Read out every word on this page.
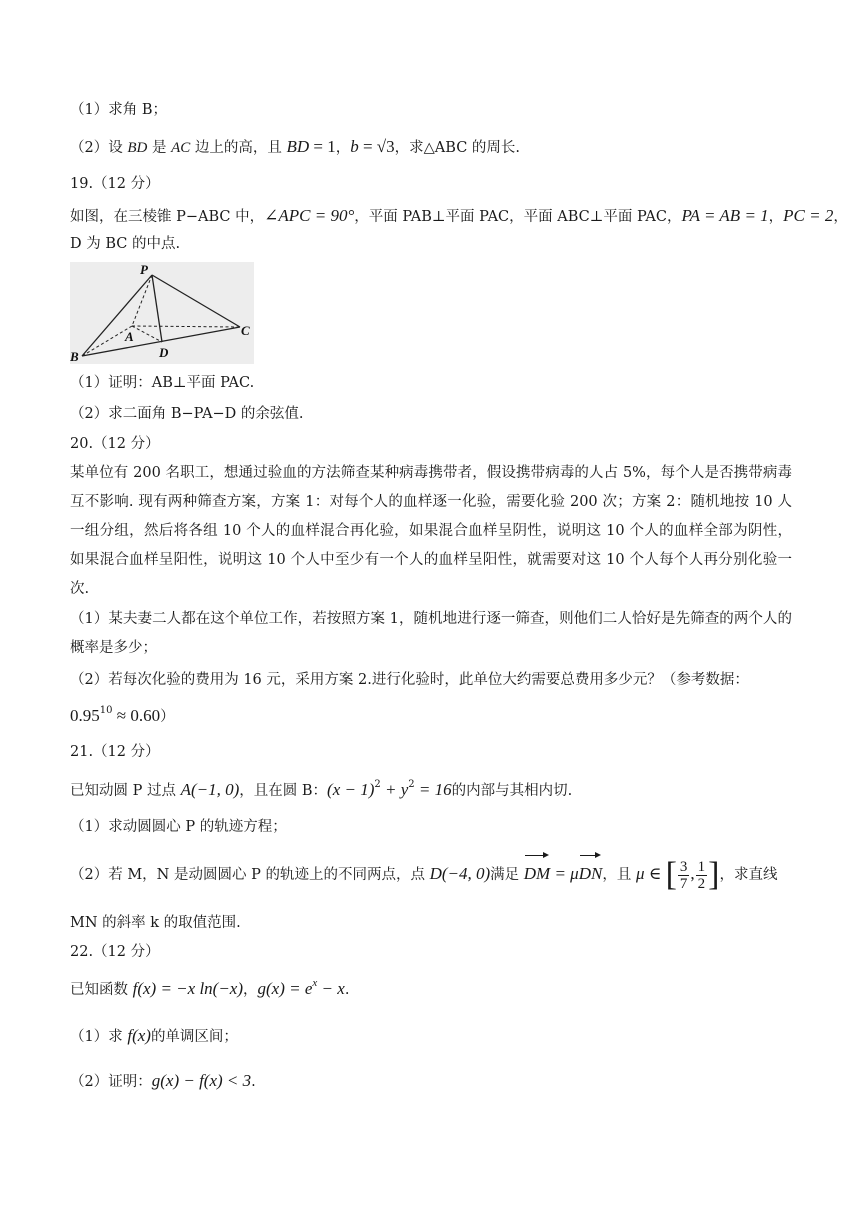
（1）求角 B；
（2）设 BD 是 AC 边上的高，且 BD = 1，b = √3，求△ABC 的周长.
19.（12 分）
如图，在三棱锥 P−ABC 中，∠APC = 90°，平面 PAB⊥平面 PAC，平面 ABC⊥平面 PAC，PA = AB = 1，PC = 2，
D 为 BC 的中点.
P
A
B
C
D
（1）证明：AB⊥平面 PAC.
（2）求二面角 B−PA−D 的余弦值.
20.（12 分）
某单位有 200 名职工，想通过验血的方法筛查某种病毒携带者，假设携带病毒的人占 5%，每个人是否携带病毒互不影响. 现有两种筛查方案，方案 1：对每个人的血样逐一化验，需要化验 200 次；方案 2：随机地按 10 人一组分组，然后将各组 10 个人的血样混合再化验，如果混合血样呈阴性，说明这 10 个人的血样全部为阴性，如果混合血样呈阳性，说明这 10 个人中至少有一个人的血样呈阳性，就需要对这 10 个人每个人再分别化验一次.
（1）某夫妻二人都在这个单位工作，若按照方案 1，随机地进行逐一筛查，则他们二人恰好是先筛查的两个人的概率是多少；
（2）若每次化验的费用为 16 元，采用方案 2.进行化验时，此单位大约需要总费用多少元？（参考数据：
$0.95^{10} \approx 0.60$）
21.（12 分）
已知动圆 P 过点 A(−1, 0)，且在圆 B：$(x - 1)^2 + y^2 = 16$的内部与其相内切.
（1）求动圆圆心 P 的轨迹方程；
（2）若 M，N 是动圆圆心 P 的轨迹上的不同两点，点 D(−4, 0)满足 DM = μDN，且 μ ∈ [ $\frac{3}{7}$ , $\frac{1}{2}$ ]，求直线
MN 的斜率 k 的取值范围.
22.（12 分）
已知函数 f(x) = −x ln(−x)，$g(x) = e^x - x$.
（1）求 f(x)的单调区间；
（2）证明：g(x) − f(x) < 3.
